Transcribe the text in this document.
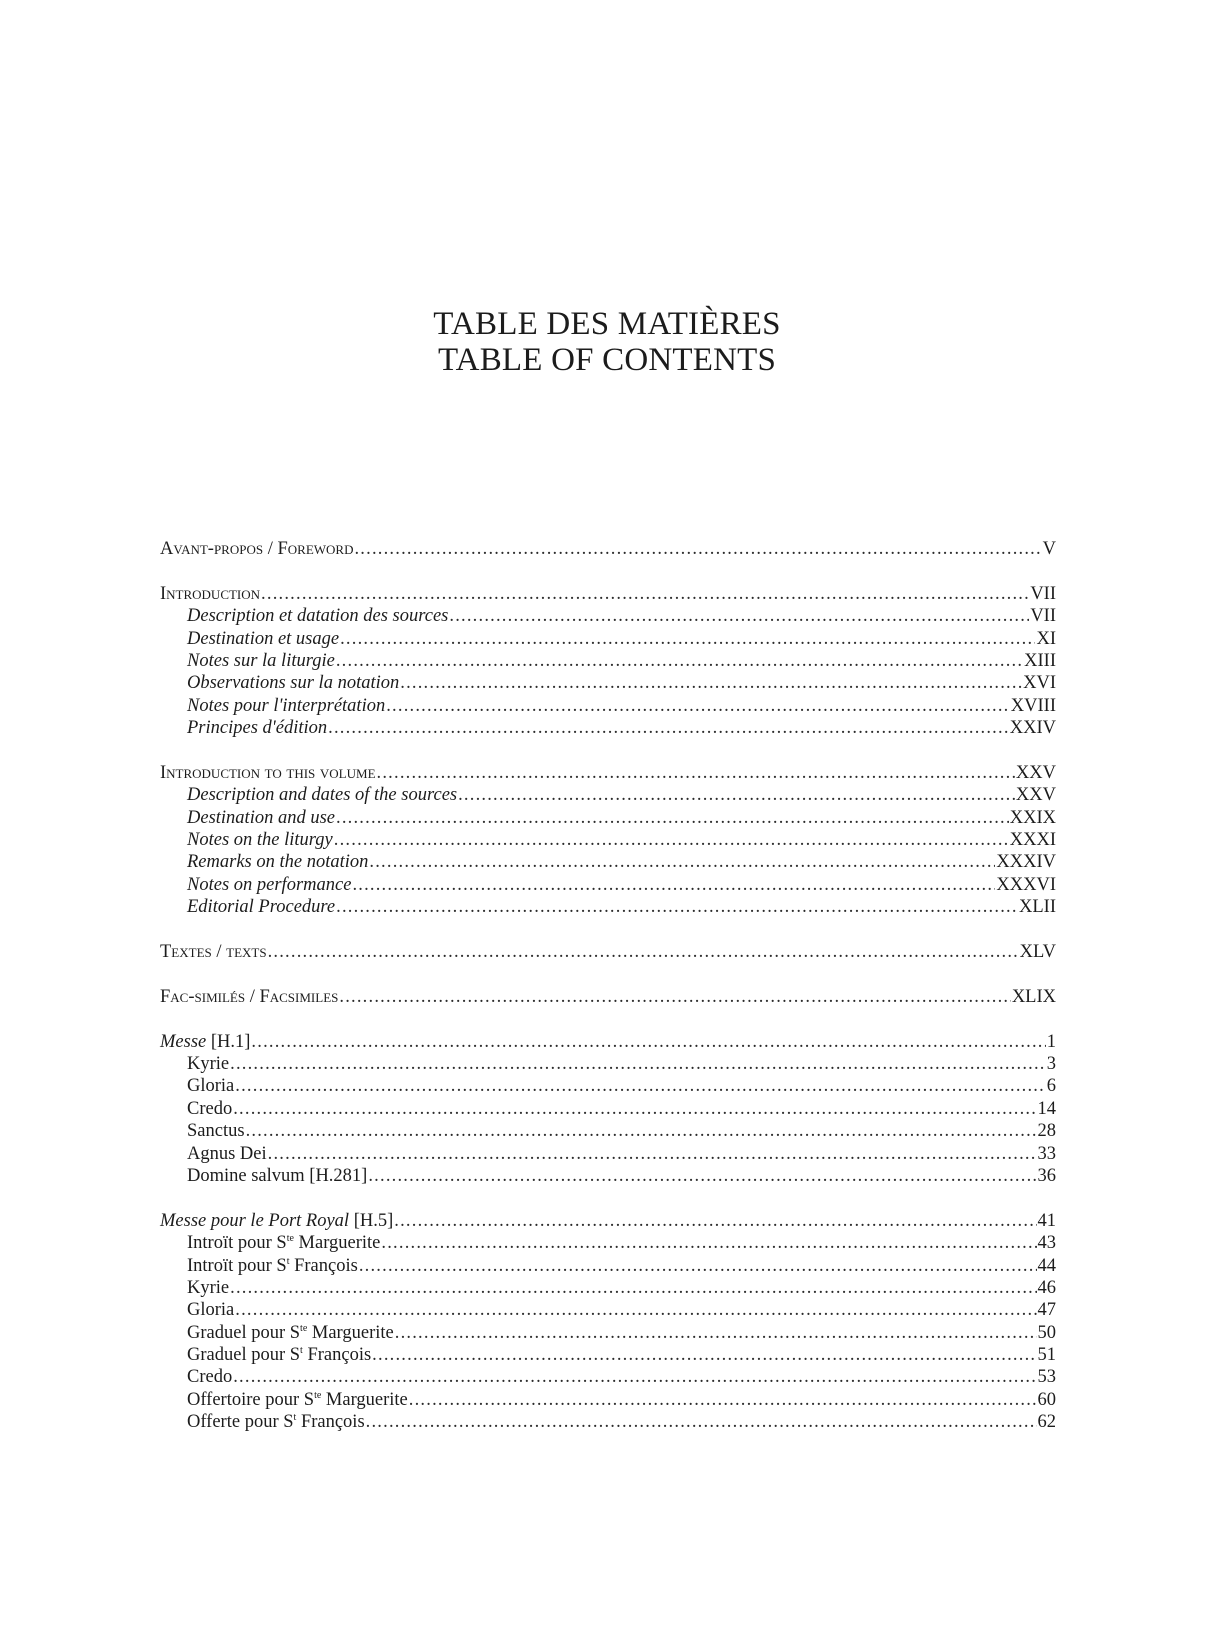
TABLE DES MATIÈRES
TABLE OF CONTENTS
Avant-propos / Foreword .....	V
Introduction .....	VII
Description et datation des sources .....	VII
Destination et usage .....	XI
Notes sur la liturgie .....	XIII
Observations sur la notation .....	XVI
Notes pour l'interprétation .....	XVIII
Principes d'édition .....	XXIV
Introduction to this volume .....	XXV
Description and dates of the sources .....	XXV
Destination and use .....	XXIX
Notes on the liturgy .....	XXXI
Remarks on the notation .....	XXXIV
Notes on performance .....	XXXVI
Editorial Procedure .....	XLII
Textes / texts .....	XLV
Fac-similés / Facsimiles .....	XLIX
Messe [H.1] .....	1
Kyrie .....	3
Gloria .....	6
Credo .....	14
Sanctus .....	28
Agnus Dei .....	33
Domine salvum [H.281] .....	36
Messe pour le Port Royal [H.5] .....	41
Introït pour $S^{te}$ Marguerite .....	43
Introït pour $S^t$ François .....	44
Kyrie .....	46
Gloria .....	47
Graduel pour $S^{te}$ Marguerite .....	50
Graduel pour $S^t$ François .....	51
Credo .....	53
Offertoire pour $S^{te}$ Marguerite .....	60
Offerte pour $S^t$ François .....	62
